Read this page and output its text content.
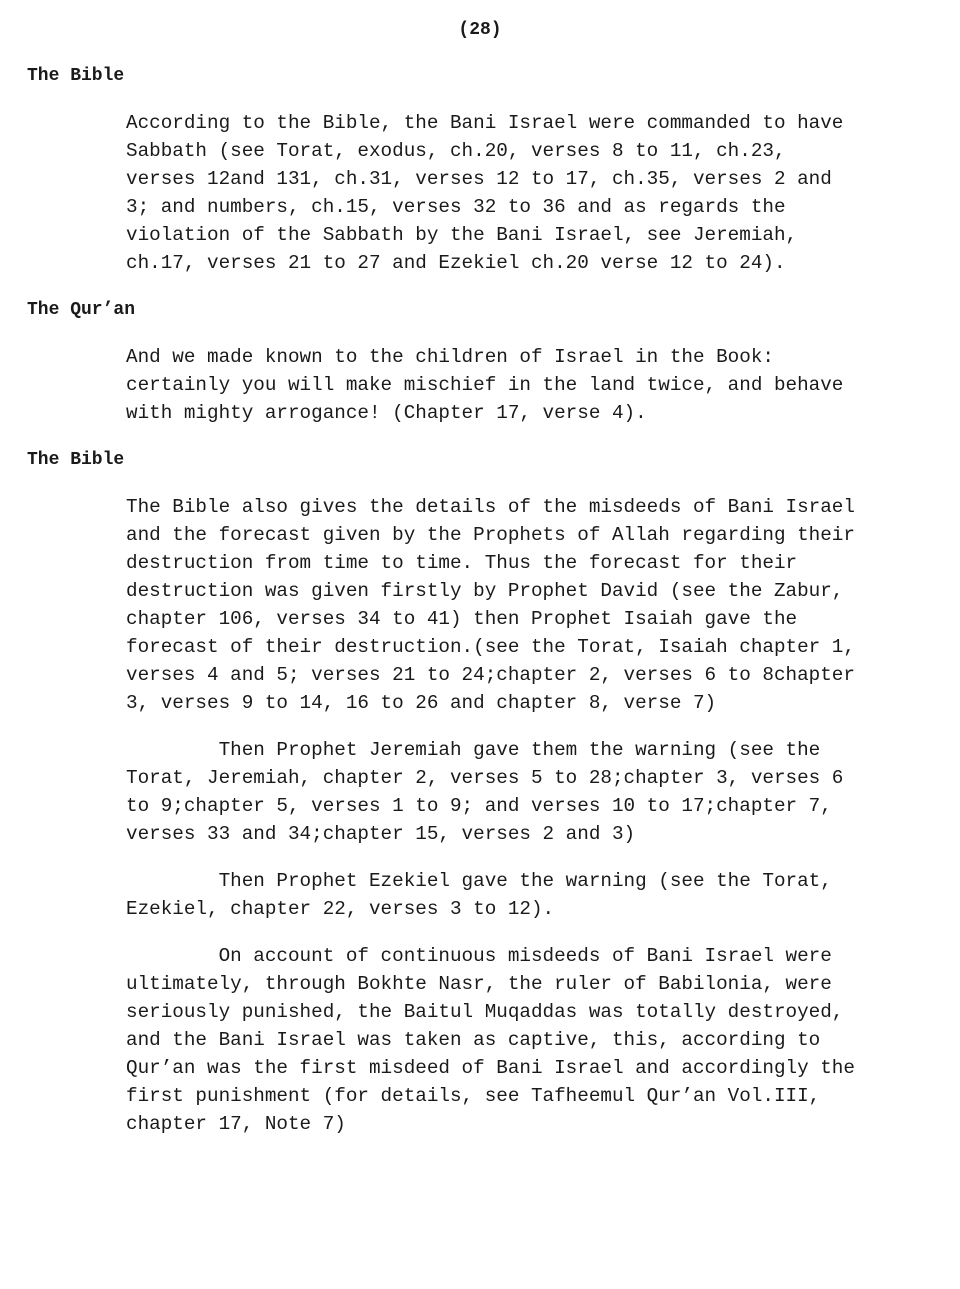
(28)
The Bible
According to the Bible, the Bani Israel were commanded to have
Sabbath (see Torat, exodus, ch.20, verses 8 to 11, ch.23,
verses 12and 131, ch.31, verses 12 to 17, ch.35, verses 2 and
3; and numbers, ch.15, verses 32 to 36 and as regards the
violation of the Sabbath by the Bani Israel, see Jeremiah,
ch.17, verses 21 to 27 and Ezekiel ch.20 verse 12 to 24).
The Qur’an
And we made known to the children of Israel in the Book:
certainly you will make mischief in the land twice, and behave
with mighty arrogance! (Chapter 17, verse 4).
The Bible
The Bible also gives the details of the misdeeds of Bani Israel
and the forecast given by the Prophets of Allah regarding their
destruction from time to time. Thus the forecast for their
destruction was given firstly by Prophet David (see the Zabur,
chapter 106, verses 34 to 41) then Prophet Isaiah gave the
forecast of their destruction.(see the Torat, Isaiah chapter 1,
verses 4 and 5; verses 21 to 24;chapter 2, verses 6 to 8chapter
3, verses 9 to 14, 16 to 26 and chapter 8, verse 7)
Then Prophet Jeremiah gave them the warning (see the
Torat, Jeremiah, chapter 2, verses 5 to 28;chapter 3, verses 6
to 9;chapter 5, verses 1 to 9; and verses 10 to 17;chapter 7,
verses 33 and 34;chapter 15, verses 2 and 3)
Then Prophet Ezekiel gave the warning (see the Torat,
Ezekiel, chapter 22, verses 3 to 12).
On account of continuous misdeeds of Bani Israel were
ultimately, through Bokhte Nasr, the ruler of Babilonia, were
seriously punished, the Baitul Muqaddas was totally destroyed,
and the Bani Israel was taken as captive, this, according to
Qur’an was the first misdeed of Bani Israel and accordingly the
first punishment (for details, see Tafheemul Qur’an Vol.III,
chapter 17, Note 7)
